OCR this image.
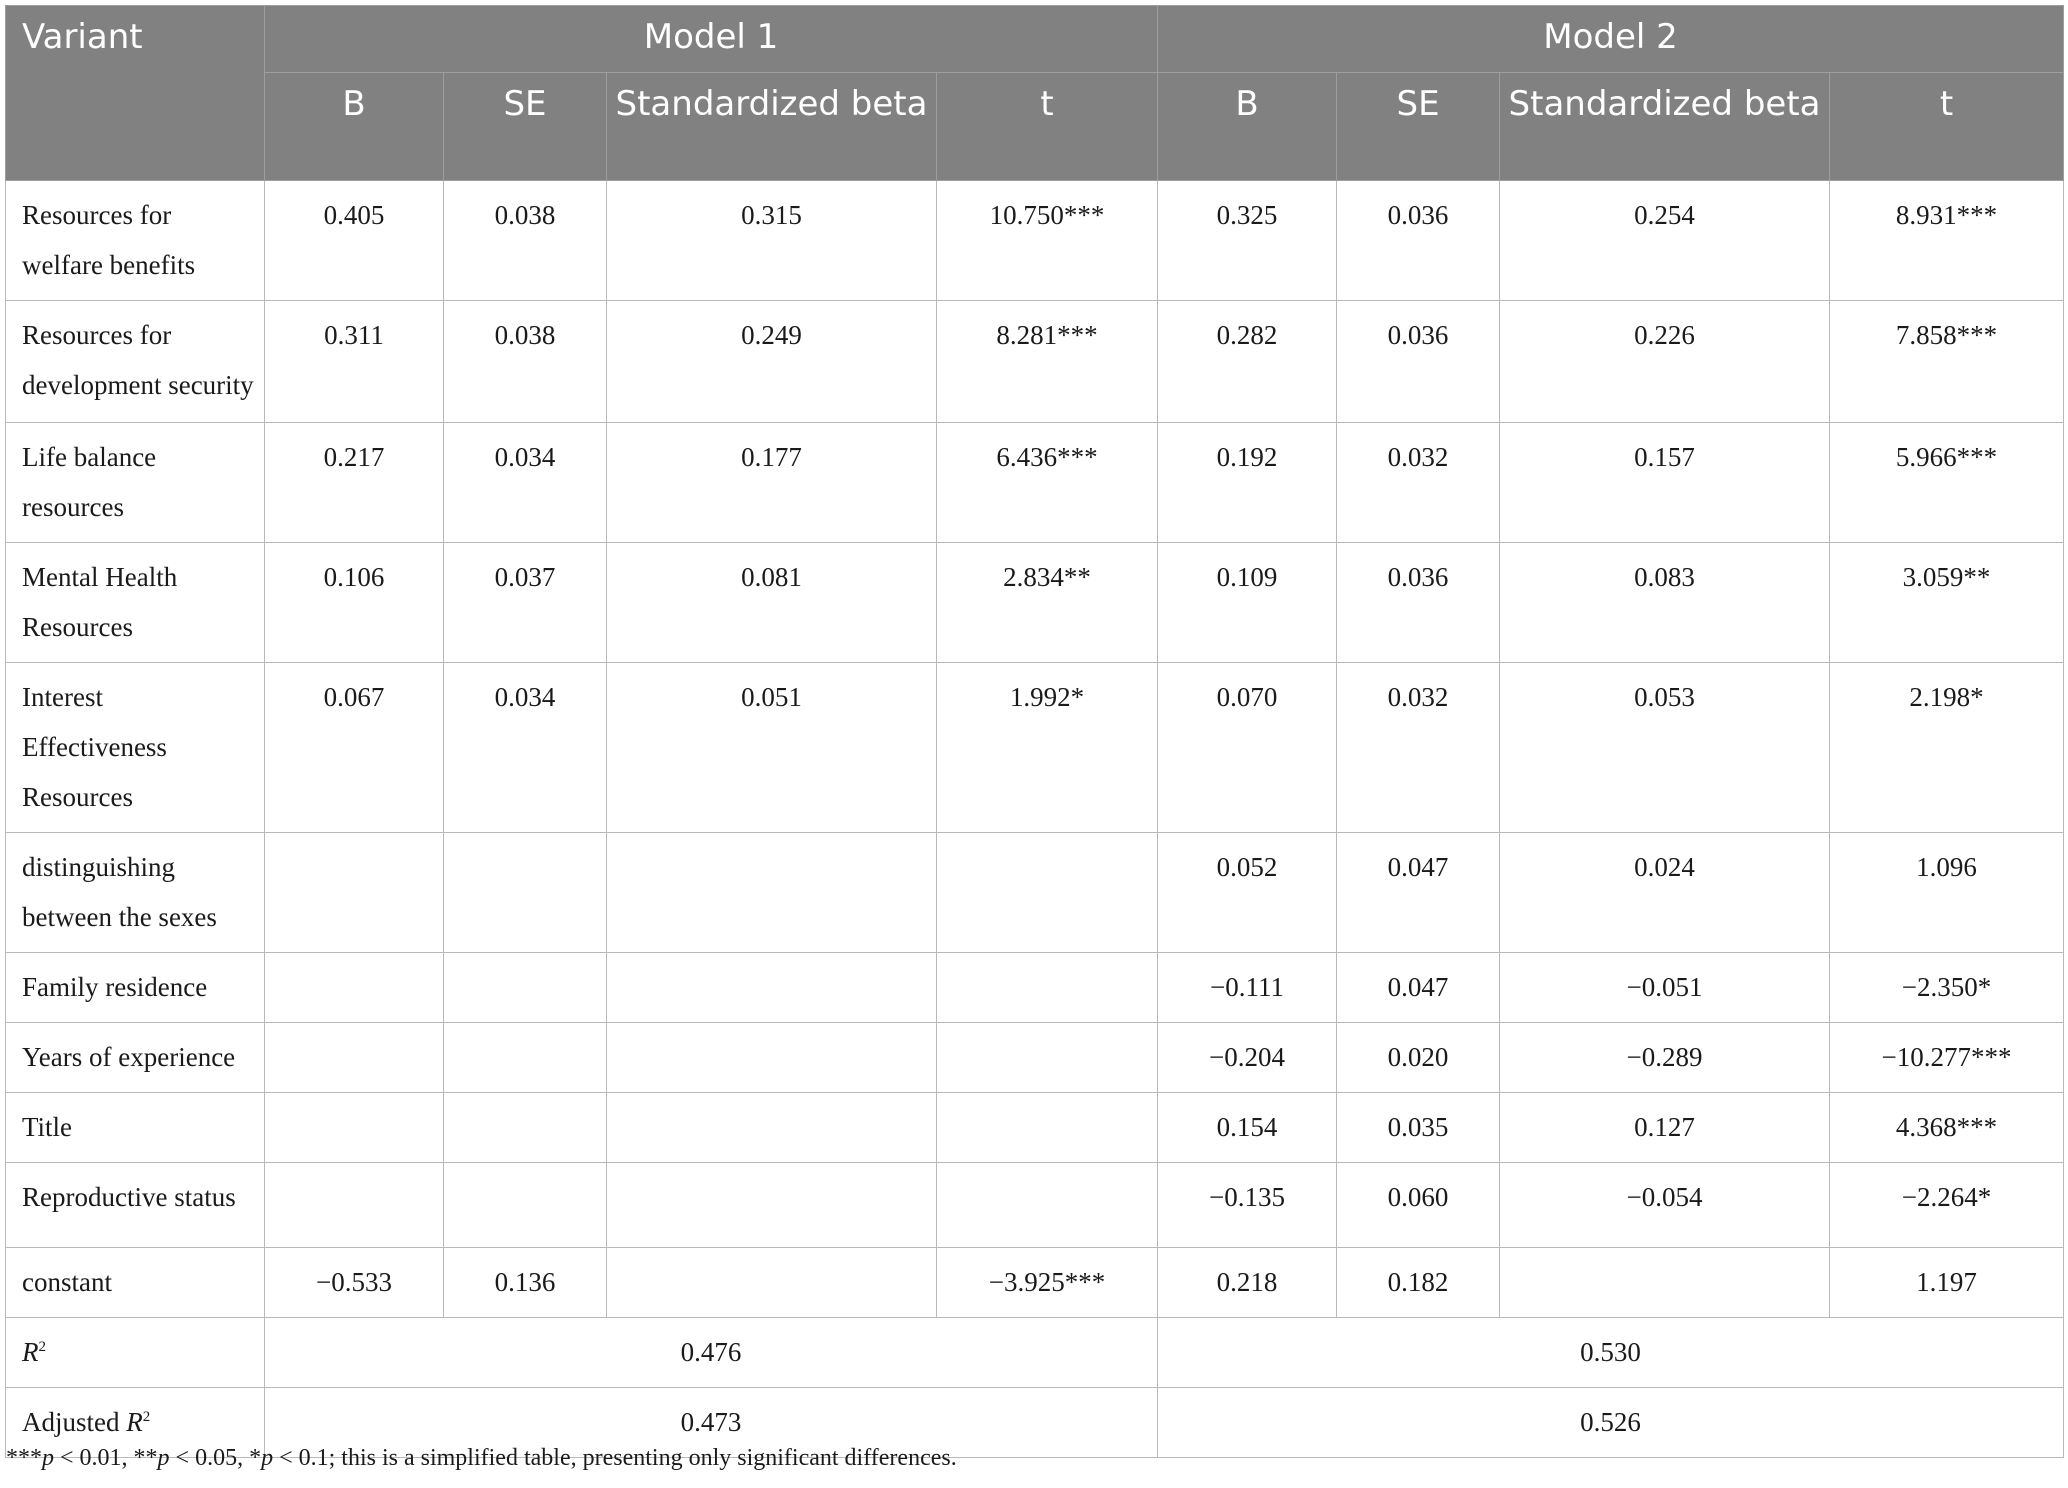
Variant	Model 1				Model 2			
	B	SE	Standardized beta	t	B	SE	Standardized beta	t
Resources for welfare benefits	0.405	0.038	0.315	10.750***	0.325	0.036	0.254	8.931***
Resources for development security	0.311	0.038	0.249	8.281***	0.282	0.036	0.226	7.858***
Life balance resources	0.217	0.034	0.177	6.436***	0.192	0.032	0.157	5.966***
Mental Health Resources	0.106	0.037	0.081	2.834**	0.109	0.036	0.083	3.059**
Interest Effectiveness Resources	0.067	0.034	0.051	1.992*	0.070	0.032	0.053	2.198*
distinguishing between the sexes					0.052	0.047	0.024	1.096
Family residence					−0.111	0.047	−0.051	−2.350*
Years of experience					−0.204	0.020	−0.289	−10.277***
Title					0.154	0.035	0.127	4.368***
Reproductive status					−0.135	0.060	−0.054	−2.264*
constant	−0.533	0.136		−3.925***	0.218	0.182		1.197
$R^2$	0.476				0.530			
Adjusted $R^2$	0.473				0.526			
***p < 0.01, **p < 0.05, *p < 0.1; this is a simplified table, presenting only significant differences.
